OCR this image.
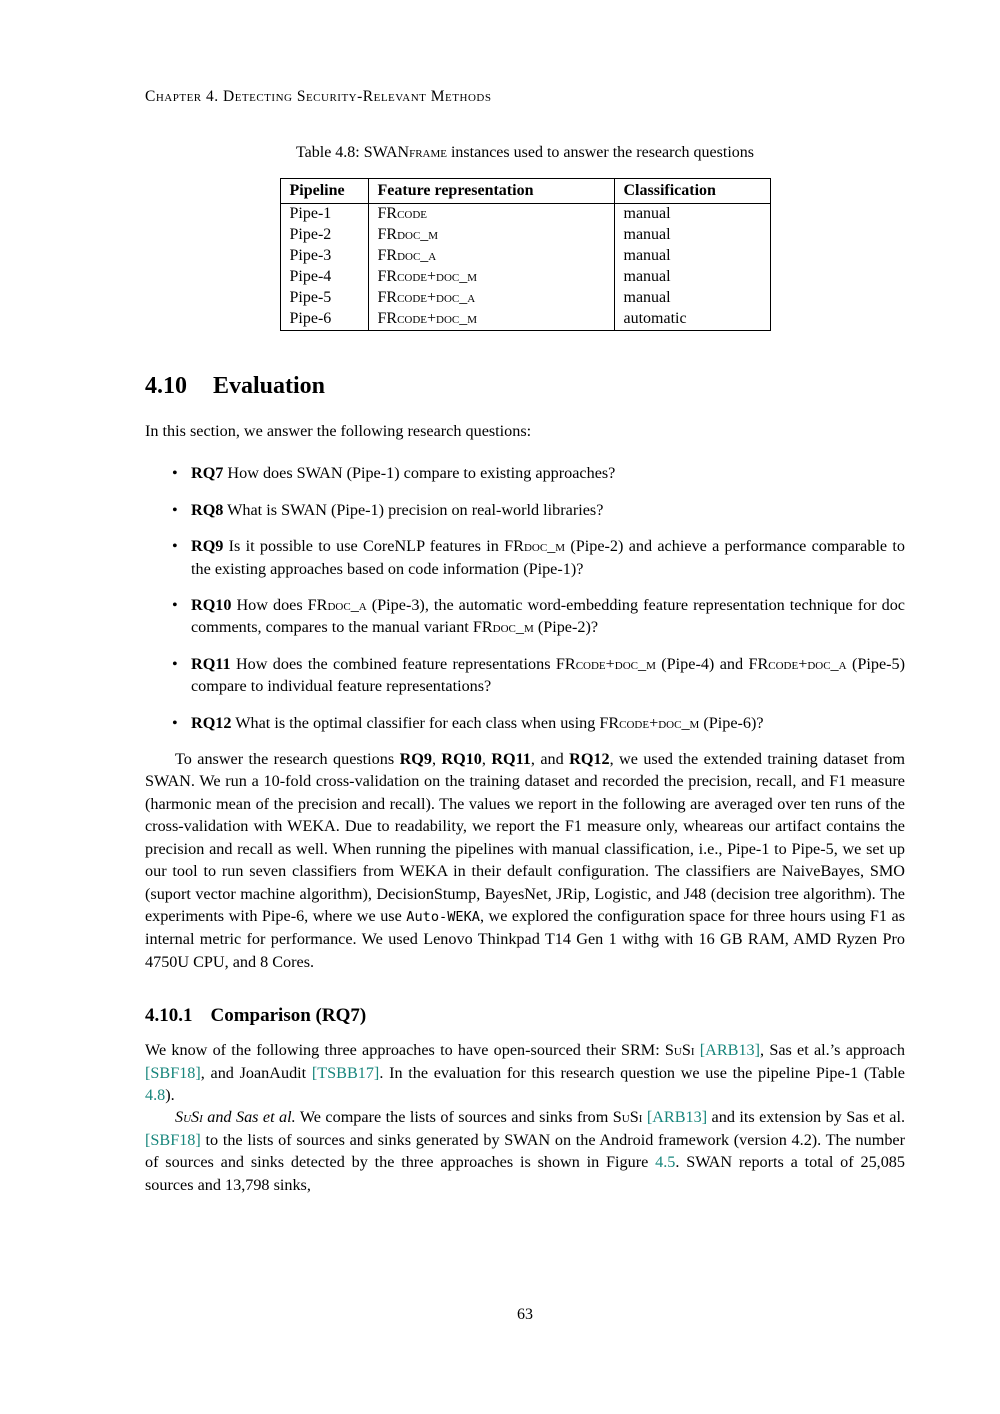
Chapter 4. Detecting Security-Relevant Methods
Table 4.8: SWANframe instances used to answer the research questions
Pipeline	Feature representation	Classification
Pipe-1	FRcode	manual
Pipe-2	FRdoc_m	manual
Pipe-3	FRdoc_a	manual
Pipe-4	FRcode+doc_m	manual
Pipe-5	FRcode+doc_a	manual
Pipe-6	FRcode+doc_m	automatic
4.10 Evaluation

In this section, we answer the following research questions:

• RQ7 How does SWAN (Pipe-1) compare to existing approaches?
• RQ8 What is SWAN (Pipe-1) precision on real-world libraries?
• RQ9 Is it possible to use CoreNLP features in FRdoc_m (Pipe-2) and achieve a performance comparable to the existing approaches based on code information (Pipe-1)?
• RQ10 How does FRdoc_a (Pipe-3), the automatic word-embedding feature representation technique for doc comments, compares to the manual variant FRdoc_m (Pipe-2)?
• RQ11 How does the combined feature representations FRcode+doc_m (Pipe-4) and FRcode+doc_a (Pipe-5) compare to individual feature representations?
• RQ12 What is the optimal classifier for each class when using FRcode+doc_m (Pipe-6)?

To answer the research questions RQ9, RQ10, RQ11, and RQ12, we used the extended training dataset from SWAN. We run a 10-fold cross-validation on the training dataset and recorded the precision, recall, and F1 measure (harmonic mean of the precision and recall). The values we report in the following are averaged over ten runs of the cross-validation with WEKA. Due to readability, we report the F1 measure only, wheareas our artifact contains the precision and recall as well. When running the pipelines with manual classification, i.e., Pipe-1 to Pipe-5, we set up our tool to run seven classifiers from WEKA in their default configuration. The classifiers are NaiveBayes, SMO (suport vector machine algorithm), DecisionStump, BayesNet, JRip, Logistic, and J48 (decision tree algorithm). The experiments with Pipe-6, where we use Auto-WEKA, we explored the configuration space for three hours using F1 as internal metric for performance. We used Lenovo Thinkpad T14 Gen 1 withg with 16 GB RAM, AMD Ryzen Pro 4750U CPU, and 8 Cores.

4.10.1 Comparison (RQ7)

We know of the following three approaches to have open-sourced their SRM: SuSi [ARB13], Sas et al.’s approach [SBF18], and JoanAudit [TSBB17]. In the evaluation for this research question we use the pipeline Pipe-1 (Table 4.8).

SuSi and Sas et al. We compare the lists of sources and sinks from SuSi [ARB13] and its extension by Sas et al. [SBF18] to the lists of sources and sinks generated by SWAN on the Android framework (version 4.2). The number of sources and sinks detected by the three approaches is shown in Figure 4.5. SWAN reports a total of 25,085 sources and 13,798 sinks,

63
